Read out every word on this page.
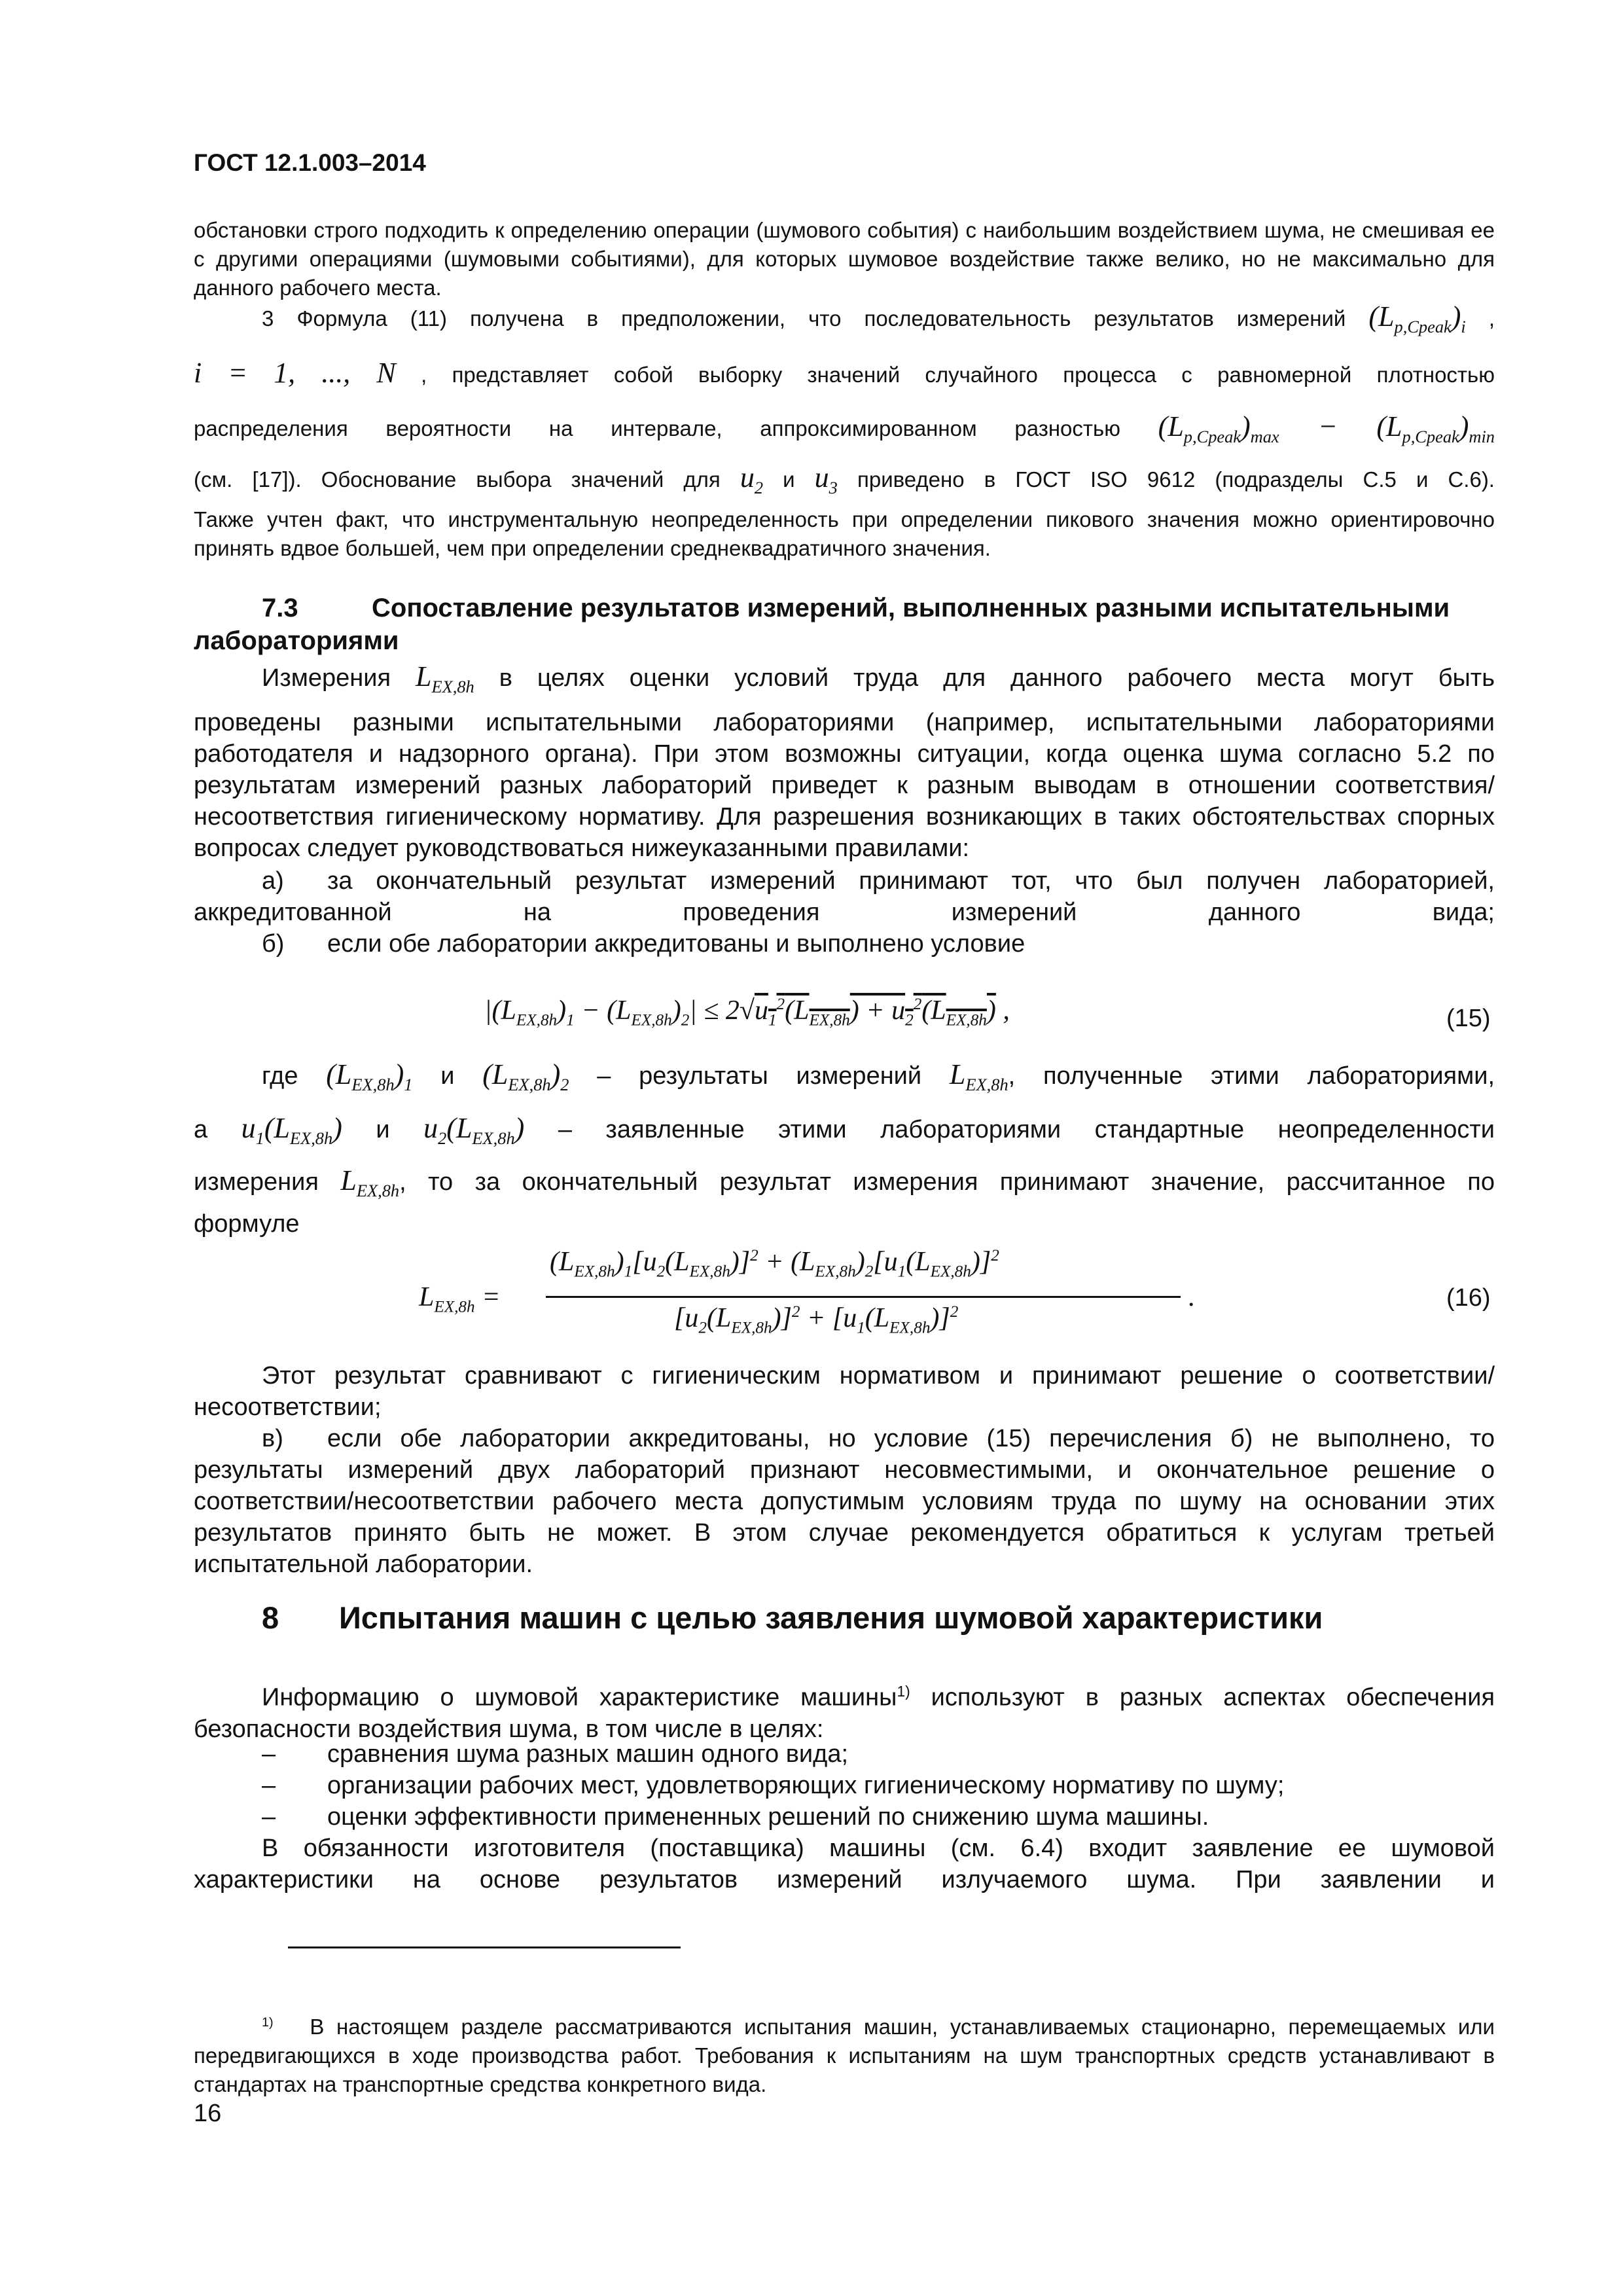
ГОСТ 12.1.003–2014
обстановки строго подходить к определению операции (шумового события) с наибольшим воздействием шума, не смешивая ее с другими операциями (шумовыми событиями), для которых шумовое воздействие также велико, но не максимально для данного рабочего места.
3 Формула (11) получена в предположении, что последовательность результатов измерений $(L_{p,Cpeak})_i$ ,
i = 1, ..., N , представляет собой выборку значений случайного процесса с равномерной плотностью
распределения вероятности на интервале, аппроксимированном разностью $(L_{p,Cpeak})_{max} - (L_{p,Cpeak})_{min}$
(см. [17]). Обоснование выбора значений для $u_2$ и $u_3$ приведено в ГОСТ ISO 9612 (подразделы С.5 и С.6).
Также учтен факт, что инструментальную неопределенность при определении пикового значения можно ориентировочно принять вдвое большей, чем при определении среднеквадратичного значения.
7.3	Сопоставление результатов измерений, выполненных разными испытательными
лабораториями
Измерения $L_{EX,8h}$ в целях оценки условий труда для данного рабочего места могут быть
проведены разными испытательными лабораториями (например, испытательными лабораториями работодателя и надзорного органа). При этом возможны ситуации, когда оценка шума согласно 5.2 по результатам измерений разных лабораторий приведет к разным выводам в отношении соответствия/несоответствия гигиеническому нормативу. Для разрешения возникающих в таких обстоятельствах спорных вопросах следует руководствоваться нижеуказанными правилами:
а) за окончательный результат измерений принимают тот, что был получен лабораторией, аккредитованной на проведения измерений данного вида;
б) если обе лаборатории аккредитованы и выполнено условие
$|(L_{EX,8h})_1 - (L_{EX,8h})_2| \le 2√u_1^2(L_{EX,8h}) + u_2^2(L_{EX,8h})$ ,	(15)
где $(L_{EX,8h})_1$ и $(L_{EX,8h})_2$ – результаты измерений $L_{EX,8h}$, полученные этими лабораториями,
а $u_1(L_{EX,8h})$ и $u_2(L_{EX,8h})$ – заявленные этими лабораториями стандартные неопределенности
измерения $L_{EX,8h}$, то за окончательный результат измерения принимают значение, рассчитанное по
формуле
$L_{EX,8h}$ =
$(L_{EX,8h})_1[u_2(L_{EX,8h})]^2 + (L_{EX,8h})_2[u_1(L_{EX,8h})]^2$
$[u_2(L_{EX,8h})]^2 + [u_1(L_{EX,8h})]^2$	.	(16)
Этот результат сравнивают с гигиеническим нормативом и принимают решение о соответствии/несоответствии;
в) если обе лаборатории аккредитованы, но условие (15) перечисления б) не выполнено, то результаты измерений двух лабораторий признают несовместимыми, и окончательное решение о соответствии/несоответствии рабочего места допустимым условиям труда по шуму на основании этих результатов принято быть не может. В этом случае рекомендуется обратиться к услугам третьей испытательной лаборатории.
8 Испытания машин с целью заявления шумовой характеристики
Информацию о шумовой характеристике машины$^{1)}$ используют в разных аспектах обеспечения безопасности воздействия шума, в том числе в целях:
– сравнения шума разных машин одного вида;
– организации рабочих мест, удовлетворяющих гигиеническому нормативу по шуму;
– оценки эффективности примененных решений по снижению шума машины.
В обязанности изготовителя (поставщика) машины (см. 6.4) входит заявление ее шумовой характеристики на основе результатов измерений излучаемого шума. При заявлении и
$^{1)}$ В настоящем разделе рассматриваются испытания машин, устанавливаемых стационарно, перемещаемых или передвигающихся в ходе производства работ. Требования к испытаниям на шум транспортных средств устанавливают в стандартах на транспортные средства конкретного вида.
16
